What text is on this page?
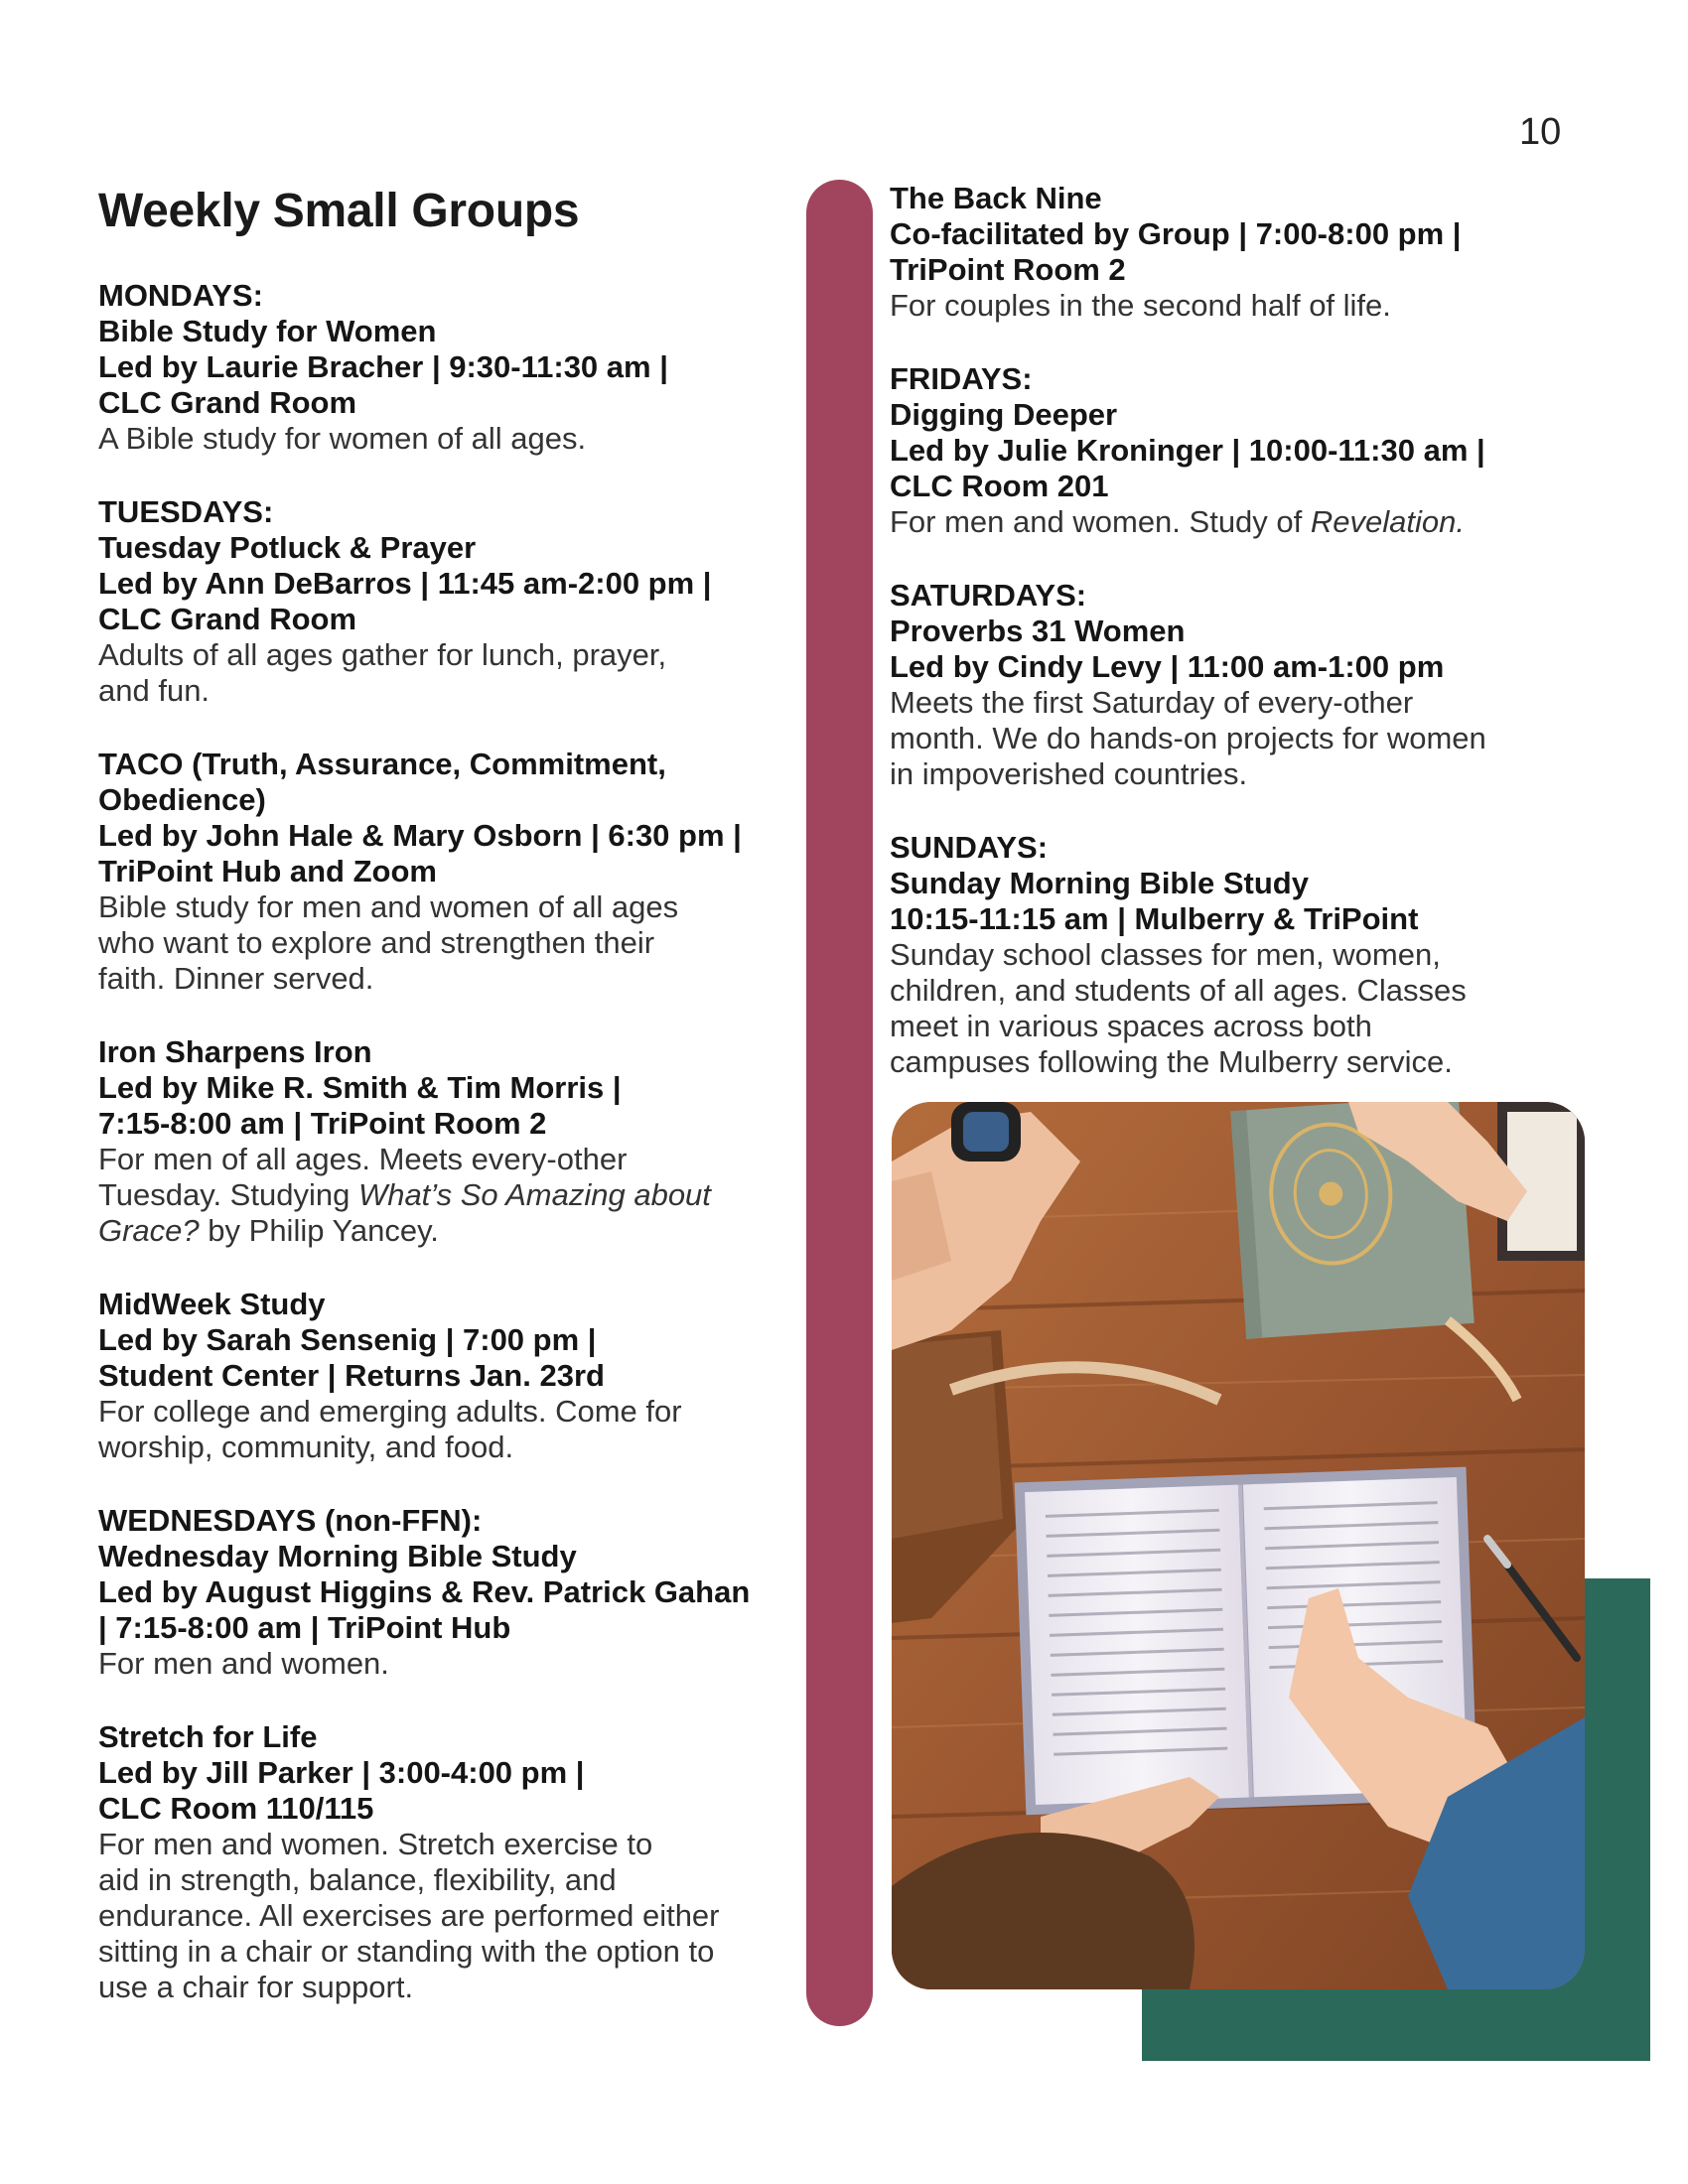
10
Weekly Small Groups

MONDAYS:

Bible Study for Women

Led by Laurie Bracher | 9:30-11:30 am |

CLC Grand Room

A Bible study for women of all ages.

TUESDAYS:

Tuesday Potluck & Prayer

Led by Ann DeBarros | 11:45 am-2:00 pm |

CLC Grand Room

Adults of all ages gather for lunch, prayer,

and fun.

TACO (Truth, Assurance, Commitment,

Obedience)

Led by John Hale & Mary Osborn | 6:30 pm |

TriPoint Hub and Zoom

Bible study for men and women of all ages

who want to explore and strengthen their

faith. Dinner served.

Iron Sharpens Iron

Led by Mike R. Smith & Tim Morris |

7:15-8:00 am | TriPoint Room 2

For men of all ages. Meets every-other

Tuesday. Studying What’s So Amazing about

Grace? by Philip Yancey.

MidWeek Study

Led by Sarah Sensenig | 7:00 pm |

Student Center | Returns Jan. 23rd

For college and emerging adults. Come for

worship, community, and food.

WEDNESDAYS (non-FFN):

Wednesday Morning Bible Study

Led by August Higgins & Rev. Patrick Gahan

| 7:15-8:00 am | TriPoint Hub

For men and women.

Stretch for Life

Led by Jill Parker | 3:00-4:00 pm |

CLC Room 110/115

For men and women. Stretch exercise to

aid in strength, balance, flexibility, and

endurance. All exercises are performed either

sitting in a chair or standing with the option to

use a chair for support.

The Back Nine

Co-facilitated by Group | 7:00-8:00 pm |

TriPoint Room 2

For couples in the second half of life.

FRIDAYS:

Digging Deeper

Led by Julie Kroninger | 10:00-11:30 am |

CLC Room 201

For men and women. Study of Revelation.

SATURDAYS:

Proverbs 31 Women

Led by Cindy Levy | 11:00 am-1:00 pm

Meets the first Saturday of every-other

month. We do hands-on projects for women

in impoverished countries.

SUNDAYS:

Sunday Morning Bible Study

10:15-11:15 am | Mulberry & TriPoint

Sunday school classes for men, women,

children, and students of all ages. Classes

meet in various spaces across both

campuses following the Mulberry service.
